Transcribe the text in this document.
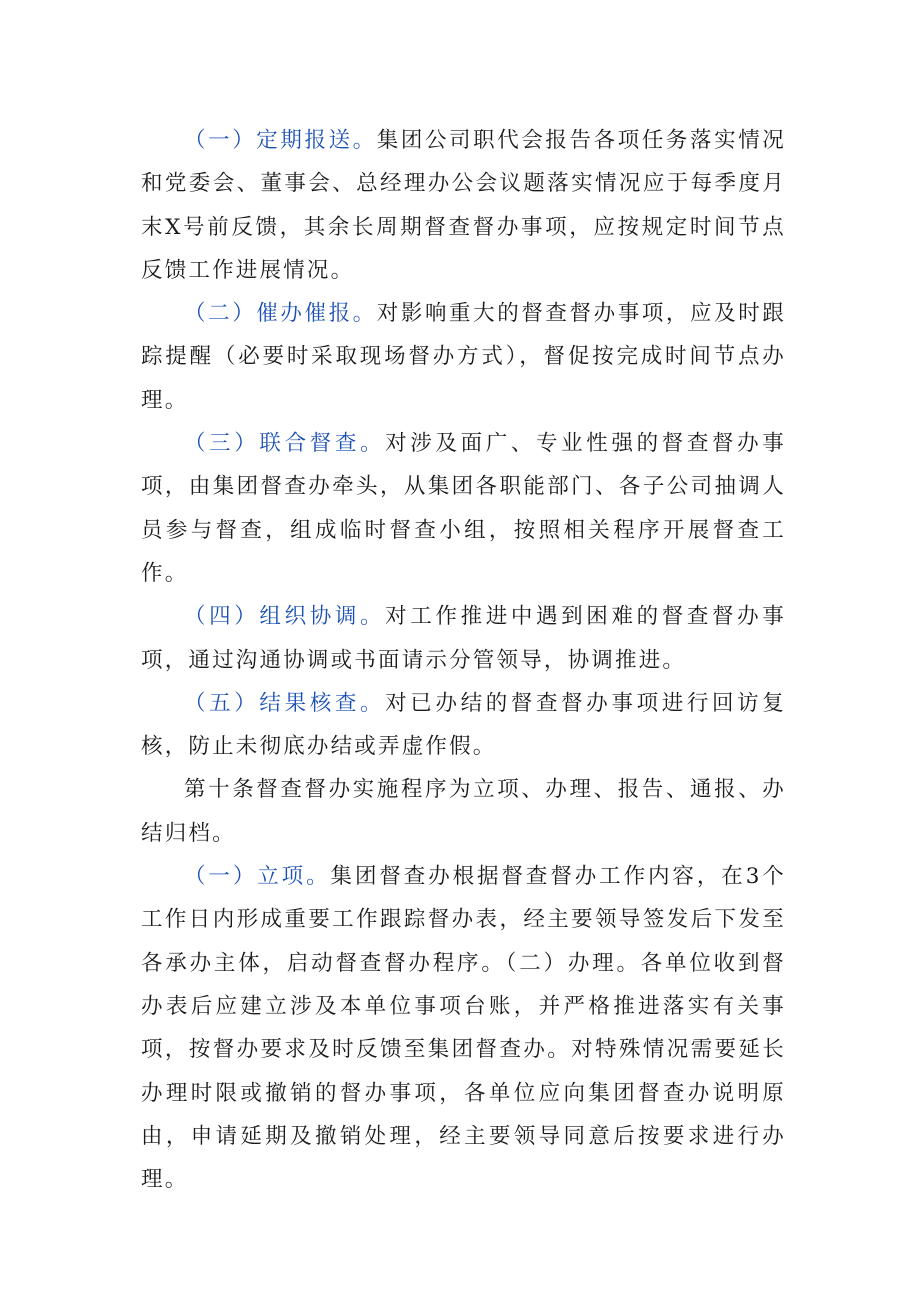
（一）定期报送。集团公司职代会报告各项任务落实情况和党委会、董事会、总经理办公会议题落实情况应于每季度月末X号前反馈，其余长周期督查督办事项，应按规定时间节点反馈工作进展情况。

（二）催办催报。对影响重大的督查督办事项，应及时跟踪提醒（必要时采取现场督办方式），督促按完成时间节点办理。

（三）联合督查。对涉及面广、专业性强的督查督办事项，由集团督查办牵头，从集团各职能部门、各子公司抽调人员参与督查，组成临时督查小组，按照相关程序开展督查工作。

（四）组织协调。对工作推进中遇到困难的督查督办事项，通过沟通协调或书面请示分管领导，协调推进。

（五）结果核查。对已办结的督查督办事项进行回访复核，防止未彻底办结或弄虚作假。

第十条督查督办实施程序为立项、办理、报告、通报、办结归档。

（一）立项。集团督查办根据督查督办工作内容，在3个工作日内形成重要工作跟踪督办表，经主要领导签发后下发至各承办主体，启动督查督办程序。（二）办理。各单位收到督办表后应建立涉及本单位事项台账，并严格推进落实有关事项，按督办要求及时反馈至集团督查办。对特殊情况需要延长办理时限或撤销的督办事项，各单位应向集团督查办说明原由，申请延期及撤销处理，经主要领导同意后按要求进行办理。
